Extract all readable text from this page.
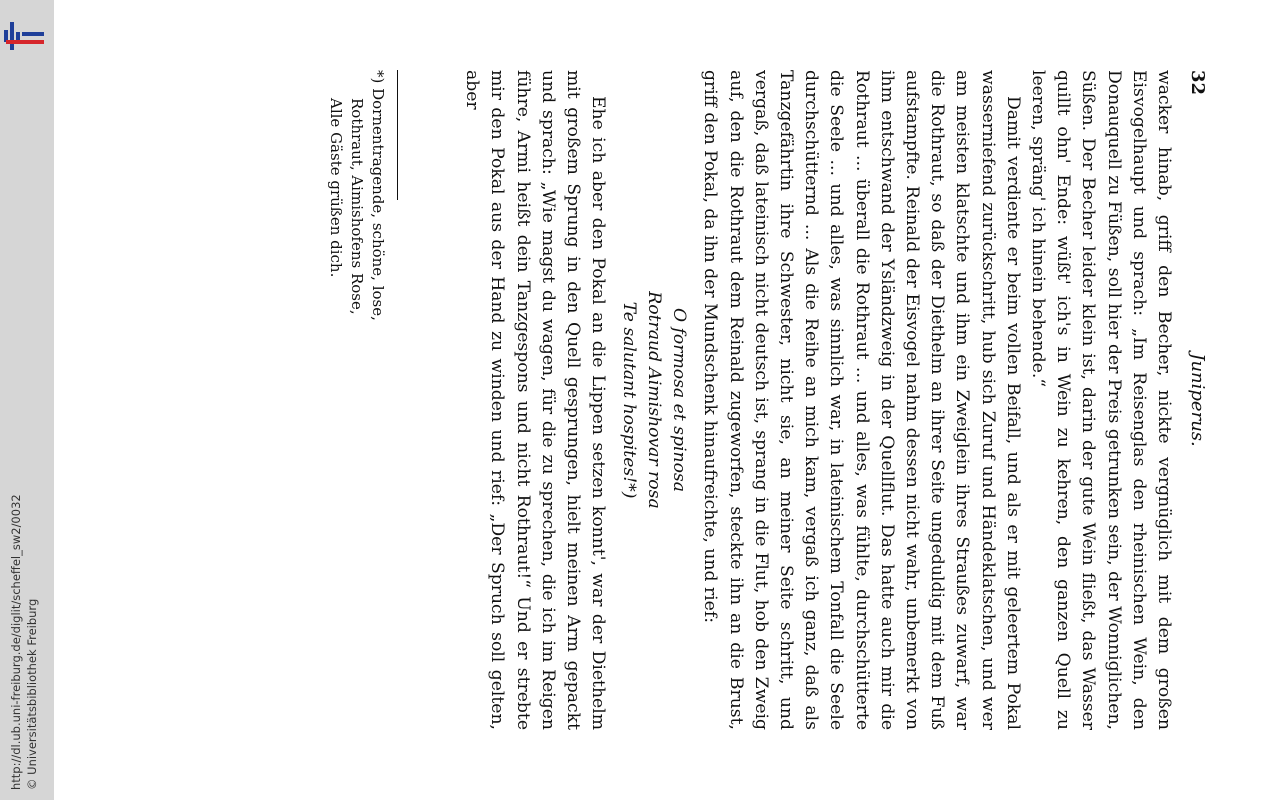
http://dl.ub.uni-freiburg.de/diglit/scheffel_sw2/0032 © Universitätsbibliothek Freiburg
32
Juniperus.

wacker hinab, griff den Becher, nickte vergnüglich mit dem großen Eisvogelhaupt und sprach: „Im Reisenglas den rheinischen Wein, den Donauquell zu Füßen, soll hier der Preis getrunken sein, der Wonniglichen, Süßen. Der Becher leider klein ist, darin der gute Wein fließt, das Wasser quillt ohn' Ende: wüßt' ich's in Wein zu kehren, den ganzen Quell zu leeren, spräng' ich hinein behende.“

Damit verdiente er beim vollen Beifall, und als er mit geleertem Pokal wasserniefend zurückschritt, hub sich Zuruf und Händeklatschen, und wer am meisten klatschte und ihm ein Zweiglein ihres Straußes zuwarf, war die Rothraut, so daß der Diethelm an ihrer Seite ungeduldig mit dem Fuß aufstampfte. Reinald der Eisvogel nahm dessen nicht wahr, unbemerkt von ihm entschwand der Ysländzweig in der Quellflut. Das hatte auch mir die Rothraut ... überall die Rothraut ... und alles, was fühlte, durchschütterte die Seele ... und alles, was sinnlich war, in lateinischem Tonfall die Seele durchschütternd ... Als die Reihe an mich kam, vergaß ich ganz, daß als Tanzgefährtin ihre Schwester, nicht sie, an meiner Seite schritt, und vergaß, daß lateinisch nicht deutsch ist, sprang in die Flut, hob den Zweig auf, den die Rothraut dem Reinald zugeworfen, steckte ihn an die Brust, griff den Pokal, da ihn der Mundschenk hinaufreichte, und rief:

O formosa et spinosa

Rotraud Aimishovar rosa

Te salutant hospites!*)

Ehe ich aber den Pokal an die Lippen setzen konnt', war der Diethelm mit großem Sprung in den Quell gesprungen, hielt meinen Arm gepackt und sprach: „Wie magst du wagen, für die zu sprechen, die ich im Reigen führe, Armi heißt dein Tanzgespons und nicht Rothraut!“ Und er strebte mir den Pokal aus der Hand zu winden und rief: „Der Spruch soll gelten, aber

*) Dornentragende, schöne, lose,
Rothraut, Aimishofens Rose,
Alle Gäste grüßen dich.
